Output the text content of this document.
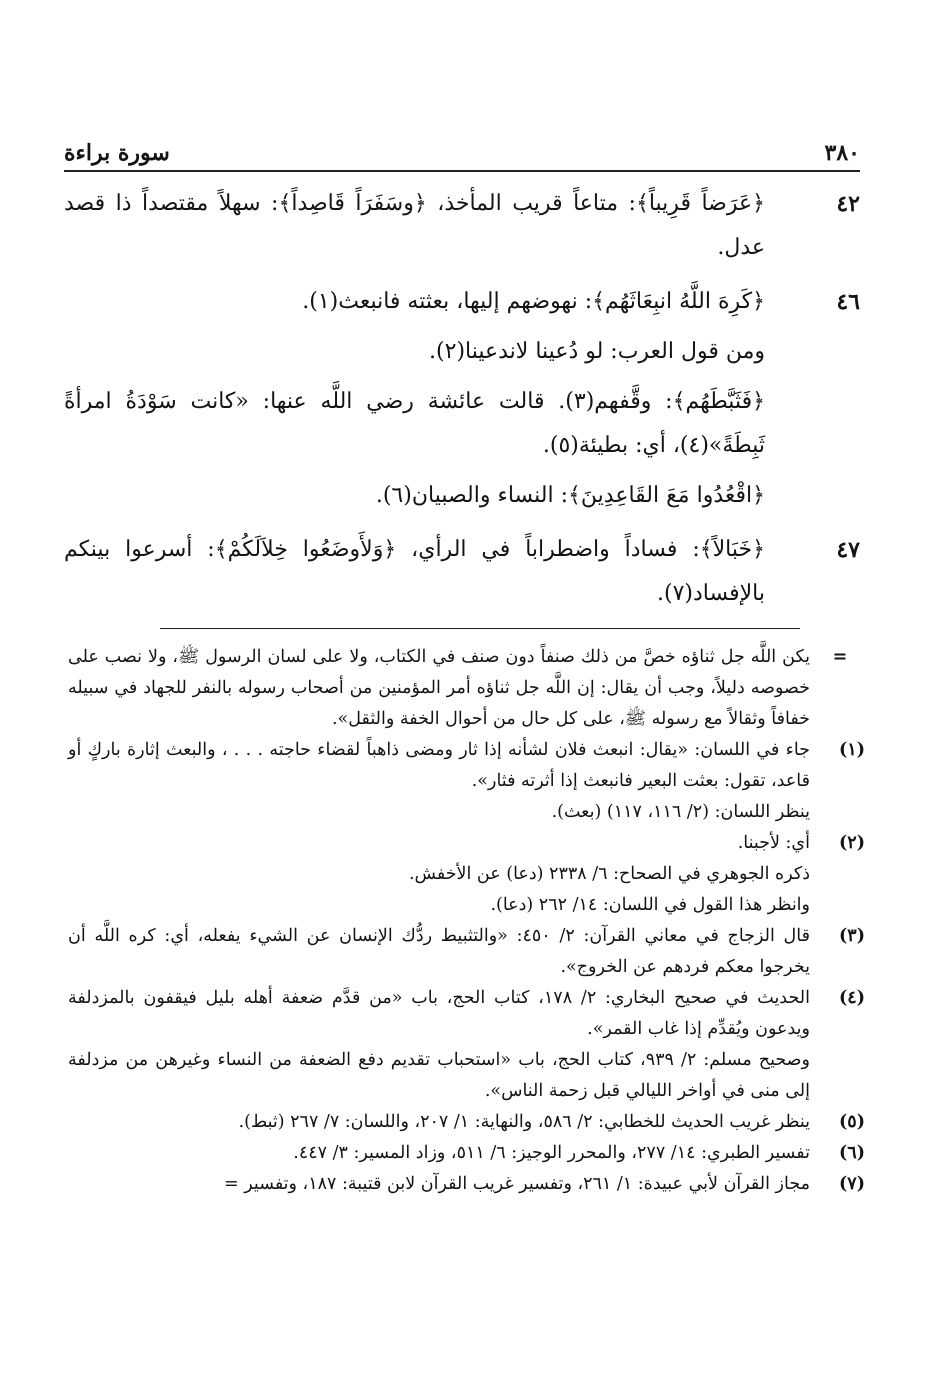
٣٨٠
سورة براءة
٤٢

﴿عَرَضاً قَرِيباً﴾: متاعاً قريب المأخذ، ﴿وسَفَرَاً قَاصِداً﴾: سهلاً مقتصداً ذا قصد عدل.

٤٦

﴿كَرِهَ اللَّهُ انبِعَاثَهُم﴾: نهوضهم إليها، بعثته فانبعث(١).

ومن قول العرب: لو دُعينا لاندعينا(٢).

﴿فَثَبَّطَهُم﴾: وقَّفهم(٣). قالت عائشة رضي اللَّه عنها: «كانت سَوْدَةُ امرأةً ثَبِطَةً»(٤)، أي: بطيئة(٥).

﴿اقْعُدُوا مَعَ القَاعِدِينَ﴾: النساء والصبيان(٦).

٤٧

﴿خَبَالاً﴾: فساداً واضطراباً في الرأي، ﴿وَلأَوضَعُوا خِلاَلَكُمْ﴾: أسرعوا بينكم بالإفساد(٧).

=
يكن اللَّه جل ثناؤه خصَّ من ذلك صنفاً دون صنف في الكتاب، ولا على لسان الرسول ﷺ، ولا نصب على خصوصه دليلاً، وجب أن يقال: إن اللَّه جل ثناؤه أمر المؤمنين من أصحاب رسوله بالنفر للجهاد في سبيله خفافاً وثقالاً مع رسوله ﷺ، على كل حال من أحوال الخفة والثقل».
(١)
جاء في اللسان: «يقال: انبعث فلان لشأنه إذا ثار ومضى ذاهباً لقضاء حاجته . . . ، والبعث إثارة باركٍ أو قاعد، تقول: بعثت البعير فانبعث إذا أثرته فثار».
ينظر اللسان: (٢/ ١١٦، ١١٧) (بعث).
(٢)
أي: لأجبنا.
ذكره الجوهري في الصحاح: ٦/ ٢٣٣٨ (دعا) عن الأخفش.
وانظر هذا القول في اللسان: ١٤/ ٢٦٢ (دعا).
(٣)
قال الزجاج في معاني القرآن: ٢/ ٤٥٠: «والتثبيط ردُّك الإنسان عن الشيء يفعله، أي: كره اللَّه أن يخرجوا معكم فردهم عن الخروج».
(٤)
الحديث في صحيح البخاري: ٢/ ١٧٨، كتاب الحج، باب «من قدَّم ضعفة أهله بليل فيقفون بالمزدلفة ويدعون ويُقدِّم إذا غاب القمر».
وصحيح مسلم: ٢/ ٩٣٩، كتاب الحج، باب «استحباب تقديم دفع الضعفة من النساء وغيرهن من مزدلفة إلى منى في أواخر الليالي قبل زحمة الناس».
(٥)
ينظر غريب الحديث للخطابي: ٢/ ٥٨٦، والنهاية: ١/ ٢٠٧، واللسان: ٧/ ٢٦٧ (ثبط).
(٦)
تفسير الطبري: ١٤/ ٢٧٧، والمحرر الوجيز: ٦/ ٥١١، وزاد المسير: ٣/ ٤٤٧.
(٧)
مجاز القرآن لأبي عبيدة: ١/ ٢٦١، وتفسير غريب القرآن لابن قتيبة: ١٨٧، وتفسير =
